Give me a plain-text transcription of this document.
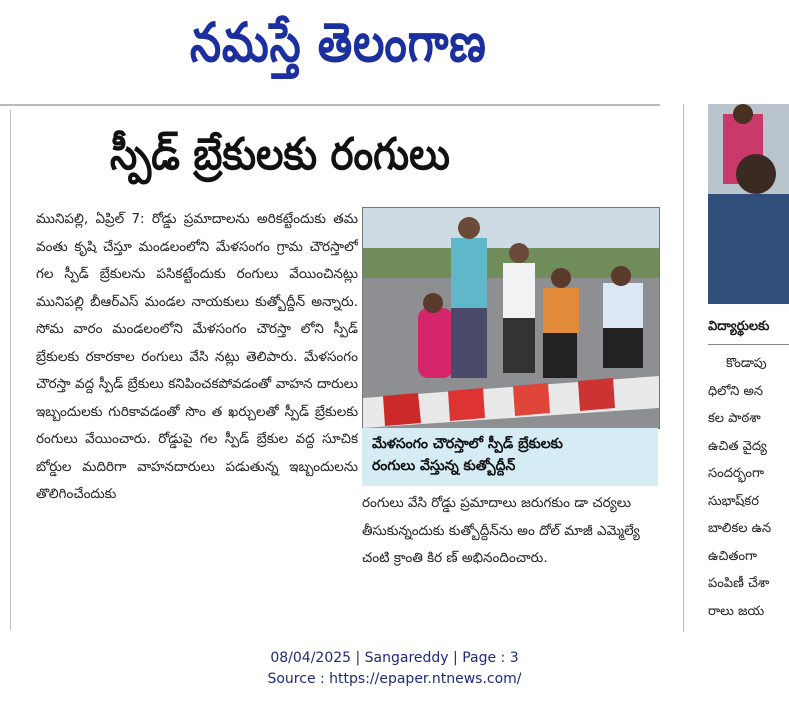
నమస్తే తెలంగాణ
స్పీడ్ బ్రేకులకు రంగులు
మునిపల్లి, ఏప్రిల్ 7: రోడ్డు ప్రమాదాలను అరికట్టేందుకు తమ వంతు కృషి చేస్తూ మండలంలోని మేళసంగం గ్రామ చౌరస్తాలో గల స్పీడ్ బ్రేకులను పసికట్టేందుకు రంగులు వేయించినట్లు మునిపల్లి బీఆర్ఎస్ మండల నాయకులు కుత్బోద్దీన్ అన్నారు. సోమ వారం మండలంలోని మేళసంగం చౌరస్తా లోని స్పీడ్ బ్రేకులకు రకారకాల రంగులు వేసి నట్లు తెలిపారు. మేళసంగం చౌరస్తా వద్ద స్పీడ్ బ్రేకులు కనిపించకపోవడంతో వాహన దారులు ఇబ్బందులకు గురికావడంతో సొం త ఖర్చులతో స్పీడ్ బ్రేకులకు రంగులు వేయించారు. రోడ్డుపై గల స్పీడ్ బ్రేకుల వద్ద సూచిక బోర్డుల మదిరిగా వాహనదారులు పడుతున్న ఇబ్బందులను తొలిగించేందుకు
మేళసంగం చౌరస్తాలో స్పీడ్ బ్రేకులకు
రంగులు వేస్తున్న కుత్బోద్దీన్
రంగులు వేసి రోడ్డు ప్రమాదాలు జరుగకుం డా చర్యలు తీసుకున్నందుకు కుత్బోద్దీన్‌ను అం దోల్ మాజీ ఎమ్మెల్యే చంటి క్రాంతి కిర ణ్ అభినందించారు.
విద్యార్థులకు
కొండాపు
ధిలోని అన
కల పాఠశా
ఉచిత వైద్య
సందర్భంగా
సుభాష్‌కర
బాలికల ఉన
ఉచితంగా
పంపిణీ చేశా
రాలు జయ
08/04/2025 | Sangareddy | Page : 3
Source : https://epaper.ntnews.com/
